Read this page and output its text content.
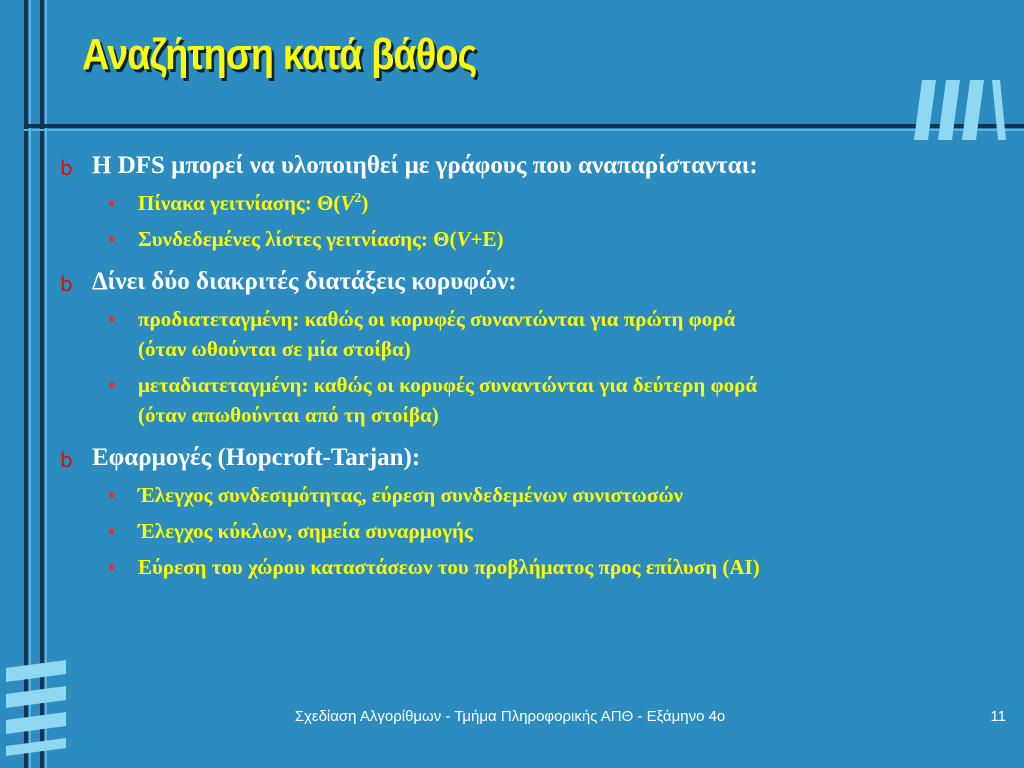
Αναζήτηση κατά βάθος
b Η DFS μπορεί να υλοποιηθεί με γράφους που αναπαρίστανται:
• Πίνακα γειτνίασης: $\Theta(V^2)$
• Συνδεδεμένες λίστες γειτνίασης: Θ(V+E)
b Δίνει δύο διακριτές διατάξεις κορυφών:
• προδιατεταγμένη: καθώς οι κορυφές συναντώνται για πρώτη φορά
(όταν ωθούνται σε μία στοίβα)
• μεταδιατεταγμένη: καθώς οι κορυφές συναντώνται για δεύτερη φορά
(όταν απωθούνται από τη στοίβα)
b Εφαρμογές (Hopcroft-Tarjan):
• Έλεγχος συνδεσιμότητας, εύρεση συνδεδεμένων συνιστωσών
• Έλεγχος κύκλων, σημεία συναρμογής
• Εύρεση του χώρου καταστάσεων του προβλήματος προς επίλυση (AI)
Σχεδίαση Αλγορίθμων - Τμήμα Πληροφορικής ΑΠΘ - Εξάμηνο 4ο	11
